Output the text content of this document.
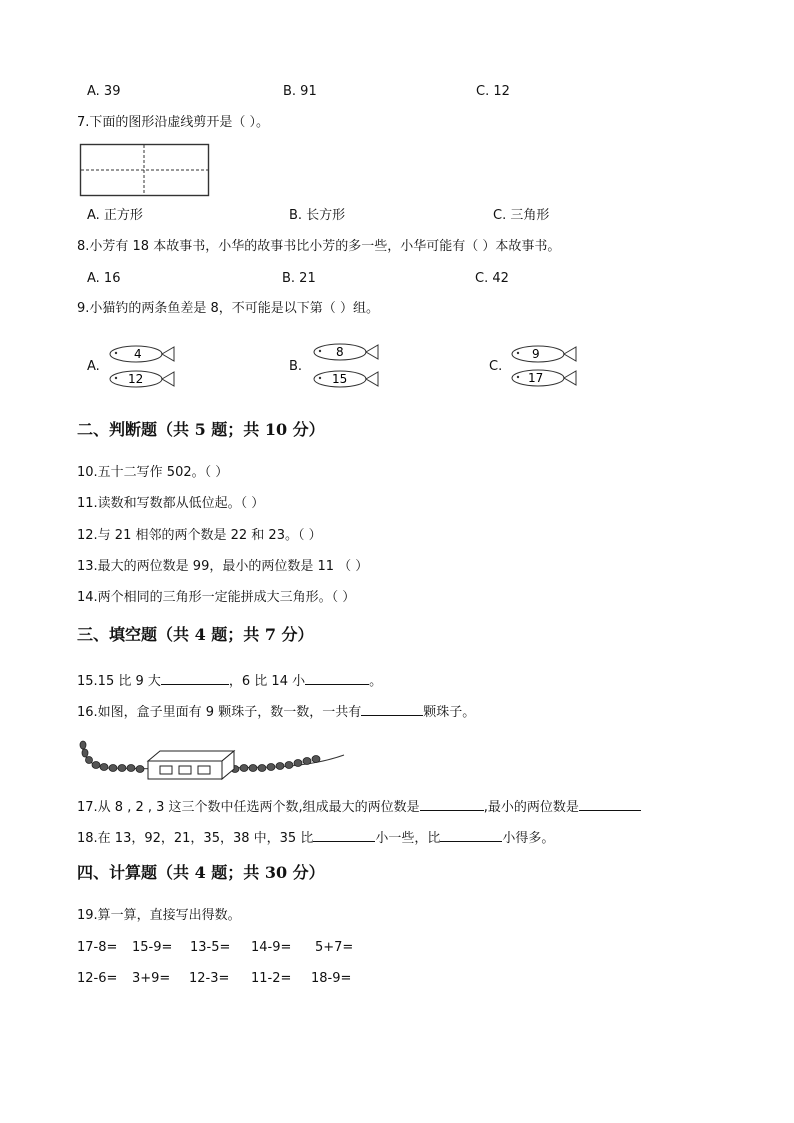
A. 39	B. 91	C. 12
7.下面的图形沿虚线剪开是（ ）。
A. 正方形	B. 长方形	C. 三角形
8.小芳有 18 本故事书，小华的故事书比小芳的多一些，小华可能有（ ）本故事书。
A. 16	B. 21	C. 42
9.小猫钓的两条鱼差是 8，不可能是以下第（ ）组。
A.
4
12
B.
8
15
C.
9
17
二、判断题（共 5 题；共 10 分）
10.五十二写作 502。（ ）
11.读数和写数都从低位起。（ ）
12.与 21 相邻的两个数是 22 和 23。（ ）
13.最大的两位数是 99，最小的两位数是 11 （ ）
14.两个相同的三角形一定能拼成大三角形。（ ）
三、填空题（共 4 题；共 7 分）
15.15 比 9 大	，6 比 14 小	。
16.如图，盒子里面有 9 颗珠子，数一数，一共有	颗珠子。
17.从 8 , 2 , 3 这三个数中任选两个数,组成最大的两位数是	,最小的两位数是
18.在 13，92，21，35，38 中，35 比	小一些，比	小得多。
四、计算题（共 4 题；共 30 分）
19.算一算，直接写出得数。
17-8= 15-9= 13-5= 14-9= 5+7=
12-6= 3+9= 12-3= 11-2= 18-9=
